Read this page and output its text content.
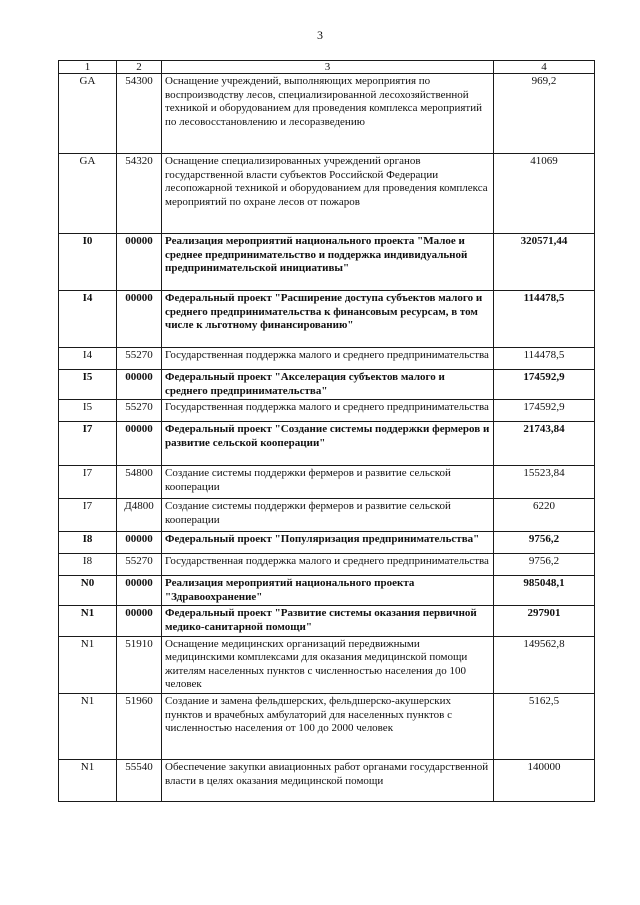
3
1	2	3	4
GA	54300	Оснащение учреждений, выполняющих мероприятия по воспроизводству лесов, специализированной лесохозяйственной техникой и оборудованием для проведения комплекса мероприятий по лесовосстановлению и лесоразведению	969,2
GA	54320	Оснащение специализированных учреждений органов государственной власти субъектов Российской Федерации лесопожарной техникой и оборудованием для проведения комплекса мероприятий по охране лесов от пожаров	41069
I0	00000	Реализация мероприятий национального проекта "Малое и среднее предпринимательство и поддержка индивидуальной предпринимательской инициативы"	320571,44
I4	00000	Федеральный проект "Расширение доступа субъектов малого и среднего предпринимательства к финансовым ресурсам, в том числе к льготному финансированию"	114478,5
I4	55270	Государственная поддержка малого и среднего предпринимательства	114478,5
I5	00000	Федеральный проект "Акселерация субъектов малого и среднего предпринимательства"	174592,9
I5	55270	Государственная поддержка малого и среднего предпринимательства	174592,9
I7	00000	Федеральный проект "Создание системы поддержки фермеров и развитие сельской кооперации"	21743,84
I7	54800	Создание системы поддержки фермеров и развитие сельской кооперации	15523,84
I7	Д4800	Создание системы поддержки фермеров и развитие сельской кооперации	6220
I8	00000	Федеральный проект "Популяризация предпринимательства"	9756,2
I8	55270	Государственная поддержка малого и среднего предпринимательства	9756,2
N0	00000	Реализация мероприятий национального проекта "Здравоохранение"	985048,1
N1	00000	Федеральный проект "Развитие системы оказания первичной медико-санитарной помощи"	297901
N1	51910	Оснащение медицинских организаций передвижными медицинскими комплексами для оказания медицинской помощи жителям населенных пунктов с численностью населения до 100 человек	149562,8
N1	51960	Создание и замена фельдшерских, фельдшерско-акушерских пунктов и врачебных амбулаторий для населенных пунктов с численностью населения от 100 до 2000 человек	5162,5
N1	55540	Обеспечение закупки авиационных работ органами государственной власти в целях оказания медицинской помощи	140000
